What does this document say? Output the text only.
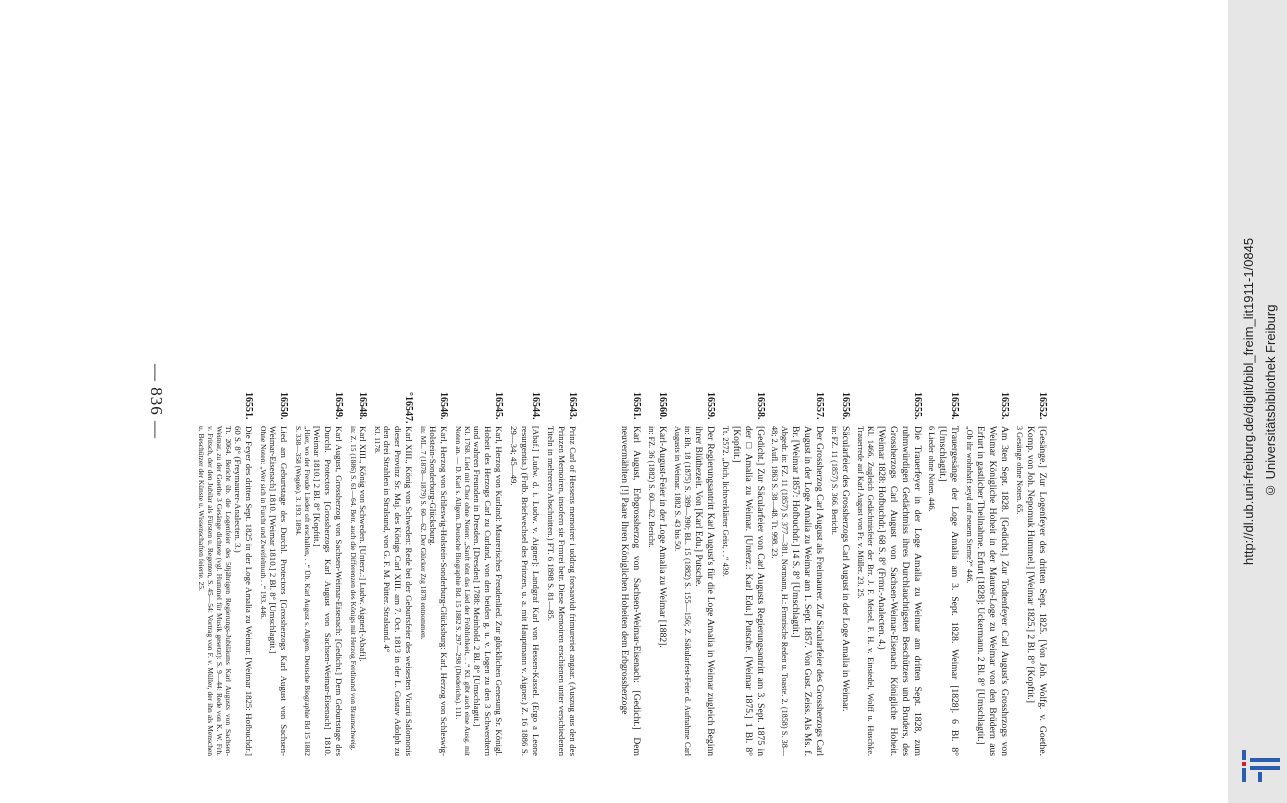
— 836 —	16543.
Prinz Carl of Hessens memoirer i uddrag forsaavidt frimureriet angaar. (Auszug aus den des Prinzen Memoiren, insofern sie Frmrei betr. Diese Memoiren erschienen unter verschiedenen Titeln in mehreren Abschnitten.) FT. 6 1898 S. 81—85.
16544.
[Abaf.] Ludw. d. i. Ludw. v. Aigner]: Landgraf Karl von Hessen-Kassel. (Ergo a Leone resurgentia.) (Frdb. Briefwechsel des Prinzen, u. a. mit Hauptmann v. Aigner.) Z. 16 1886 S. 29—34; 45—49.
16545.
Karl, Herzog von Kurland: Maurerisches Freudenlied. Zur glücklichen Genesung Sr. Königl. Hoheit des Herzogs Carl zu Curland, von den beiden g. u. v. Logen zu den 3 Schwerdtern und wahren Freunden in Dresden. [Dresden] 1788: Meinhold. 2 Bl. 8° [Umschlagtit.]
Kl. 1768. Lied mit Chor ohne Noten: „Sanft tönt das Lied der Fröhlichkeit, . .“ Kl. gibt auch eine Ausg. mit Noten an. — D. Karl s. Allgem. Deutsche Biographie Bd. 15 1882 S. 297—298 (Diederichs). 111.
16546.
Karl, Herzog von Schleswig-Holstein-Sonderburg-Glücksburg: Karl, Herzog von Schleswig-Holstein-Sonderburg-Glücksburg.
in: ML. 7 (1878—1879) S. 60—62. Der Glücker Ztg 1878 entnommen.
°16547.
Karl XIII., König von Schweden: Rede bei der Geburtsfeier des weisesten Vicarii Salomonis dieser Provinz Sr. Maj. des Königs Carl XIII. am 7. Oct. 1813 in der L. Gustav Adolph zu den drei Strahlen in Stralsund, von G. F. M. Pütter. Stralsund. 4°
Kl. 1178.
16548.
Karl XIII., König von Schweden. [Unterz.:] Ludw. Aigner[-Abafi].
in: Z. 15 (1886) S. 61—64. Betr. auch die Differenzen des Königs mit Herzog Ferdinand von Braunschweig.
16549.
Karl August, Grossherzog von Sachsen-Weimar-Eisenach: [Gedicht.] Dem Geburtstage des Durchl. Protectors [Grossherzogs Karl August von Sachsen-Weimar-Eisenach] 1810. [Weimar 1810.] 2 Bl. 8° [Kopftit.]
„Hier, wo der Freude Lieder oft erschallen, . .“ Üb. Karl August s. Allgem. Deutsche Biographie Bd 15 1882 S. 338—358 (Wegele). 3. 193. 1894.
16550.
Lied am Geburtstage des Durchl. Protectors [Grossherzogs Karl August von Sachsen-Weimar-Eisenach] 1810. [Weimar 1810.] 2 Bl. 8° [Umschlagtit.]
Ohne Noten: „Wer sich in Furcht und Zweifelmuth . .“ 193. 446.
16551.
Die Feyer des dritten Sept. 1825 in der Loge Amalia zu Weimar. [Weimar 1825: Hofbuchdr.] 60 S. 8° (Freymaurer-Analecten. 3.)
Tt. 2064. Bericht üb. die Logenfeier des 50jährigen Regierungs-Jubiläums Karl Augusts von Sachsen-Weimar, zu der Goethe 3 Gesänge dichtete (vgl. Hummel für Musik gesetzt): S. 9—44: Rede von K. W. Frh. v. Fritsch, der den Jubilar als Fürsten u. Regenten, S. 45—54: Vortrag von F. v. Müller, der ihn als Menschen u. Beschützer der Künste u. Wissenschaften feierte. 25.
16552.
[Gesänge.] Zur Logenfeyer des dritten Sept. 1825. [Von Joh. Wolfg. v. Goethe. Komp. von Joh. Nepomuk Hummel.] [Weimar 1825.] 2 Bl. 8° [Kopftit.]
3 Gesänge ohne Noten. 65.
16553.
Am 3ten Sept. 1828. [Gedicht.] Zur Todtenfeyer Carl August's Grosshrzogs von Weimar Königliche Hoheit in der Maurer-Loge zu Weimar von den Brüdern aus Erfurt in gastlicher Theilnahme. Erfurt [1828]: Uckermann. 2 Bl. 8° [Umschlagtit.]
„Ob ihr wohnhaft seyd auf neuem Sterne?“ 446.
16554.
Trauergesänge der Loge Amalia am 3. Sept. 1828. Weimar [1828]. 6 Bl. 8° [Umschlagtit.]
6 Lieder ohne Noten. 446.
16555.
Die Trauerfeyer in der Loge Amalia zu Weimar am dritten Sept. 1828, zum ruhmwürdigen Gedächtniss ihres Durchlauchtigsten Beschützers und Bruders, des Grossherzogs Carl August von Sachsen-Weimar-Eisenach Königliche Hoheit. [Weimar 1828: Hofbuchdr.] 68 S. 8° (Frmr.-Analecten. 4.)
Kl. 1466. Zugleich Gedächtnisfeier der Brr. J. F. Meisel, F. H. v. Einsiedel, Wolff u. Huschke. Trauerrede auf Karl August von Fr. v. Müller. 23. 25.
16556.
Säcularfeier des Grossherzogs Carl August in der Loge Amalia in Weimar.
in: FZ. 11 (1857) S. 366. Bericht.
16557.
Der Grossherzog Carl August als Freimaurer. Zur Säcularfeier des Grossherzogs Carl August in der Loge Amalia zu Weimar am 1. Sept. 1857. Von Gust. Zeiss. Als Ms. f. Br. [Weimar 1857: Hofbuchdr.] 14 S. 8° [Umschlagtit.]
Abgedr. in: FZ. 11 (1857) S. 377—381. Normann, H.: Frmrische Reden u. Toaste. 2. (1858) S. 38—48; 2. Aufl. 1863 S. 38—48. Tt. 998. 23.
16558.
[Gedicht.] Zur Säcularfeier von Carl Augusts Regierungsantritt am 3. Sept. 1875 in der □ Amalia zu Weimar. [Unterz.: Karl Edu.] Putsche. [Weimar 1875.] 1 Bl. 8° [Kopftit.]
Tt. 2572. „Dich, lichtverklärter Geist, . .“ 439.
16559.
Der Regierungsantritt Karl August's für die Loge Amalia in Weimar zugleich Beginn ihrer Blüthezeit. Von [Karl Edu.] Putsche.
in: Bh. 18 (1875) S. 389—390; BL. 15 (1882) S. 155—156; Z. Säkularfest-Feier d. Aufnahme Carl Augusts in Weimar. 1882 S. 43 bis 50.
16560.
Karl-August-Feier in der Loge Amalia zu Weimar [1882].
in: FZ. 36 (1882) S. 60—62. Bericht.
16561.
Karl August, Erbgrossherzog von Sachsen-Weimar-Eisenach: [Gedicht.] Dem neuvermählten [!] Paare Ihren Königlichen Hoheiten dem Erbgrossherzoge
http://dl.ub.uni-freiburg.de/diglit/bibl_freim_lit1911-1/0845 © Universitätsbibliothek Freiburg
